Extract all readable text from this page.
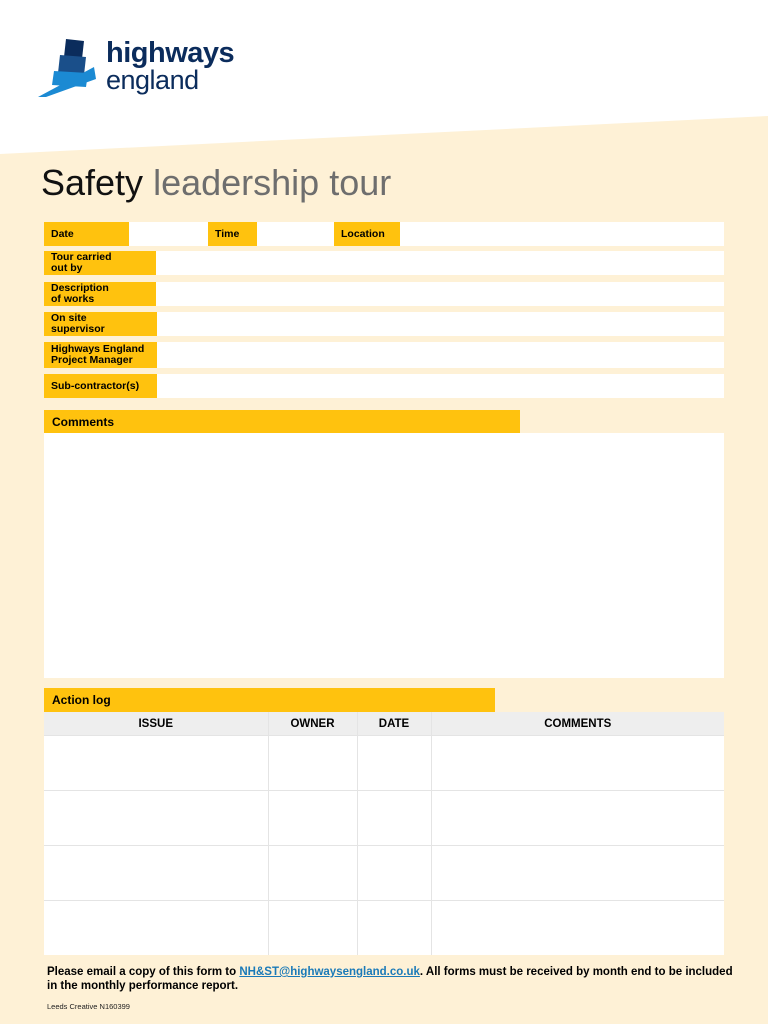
highways
england
Safety leadership tour
Date	Time	Location
Tour carried
out by
Description
of works
On site
supervisor
Highways England
Project Manager
Sub-contractor(s)
Comments
Action log
ISSUE	OWNER	DATE	COMMENTS

Please email a copy of this form to NH&ST@highwaysengland.co.uk. All forms must be received by month end to be included in the monthly performance report.
Leeds Creative N160399
